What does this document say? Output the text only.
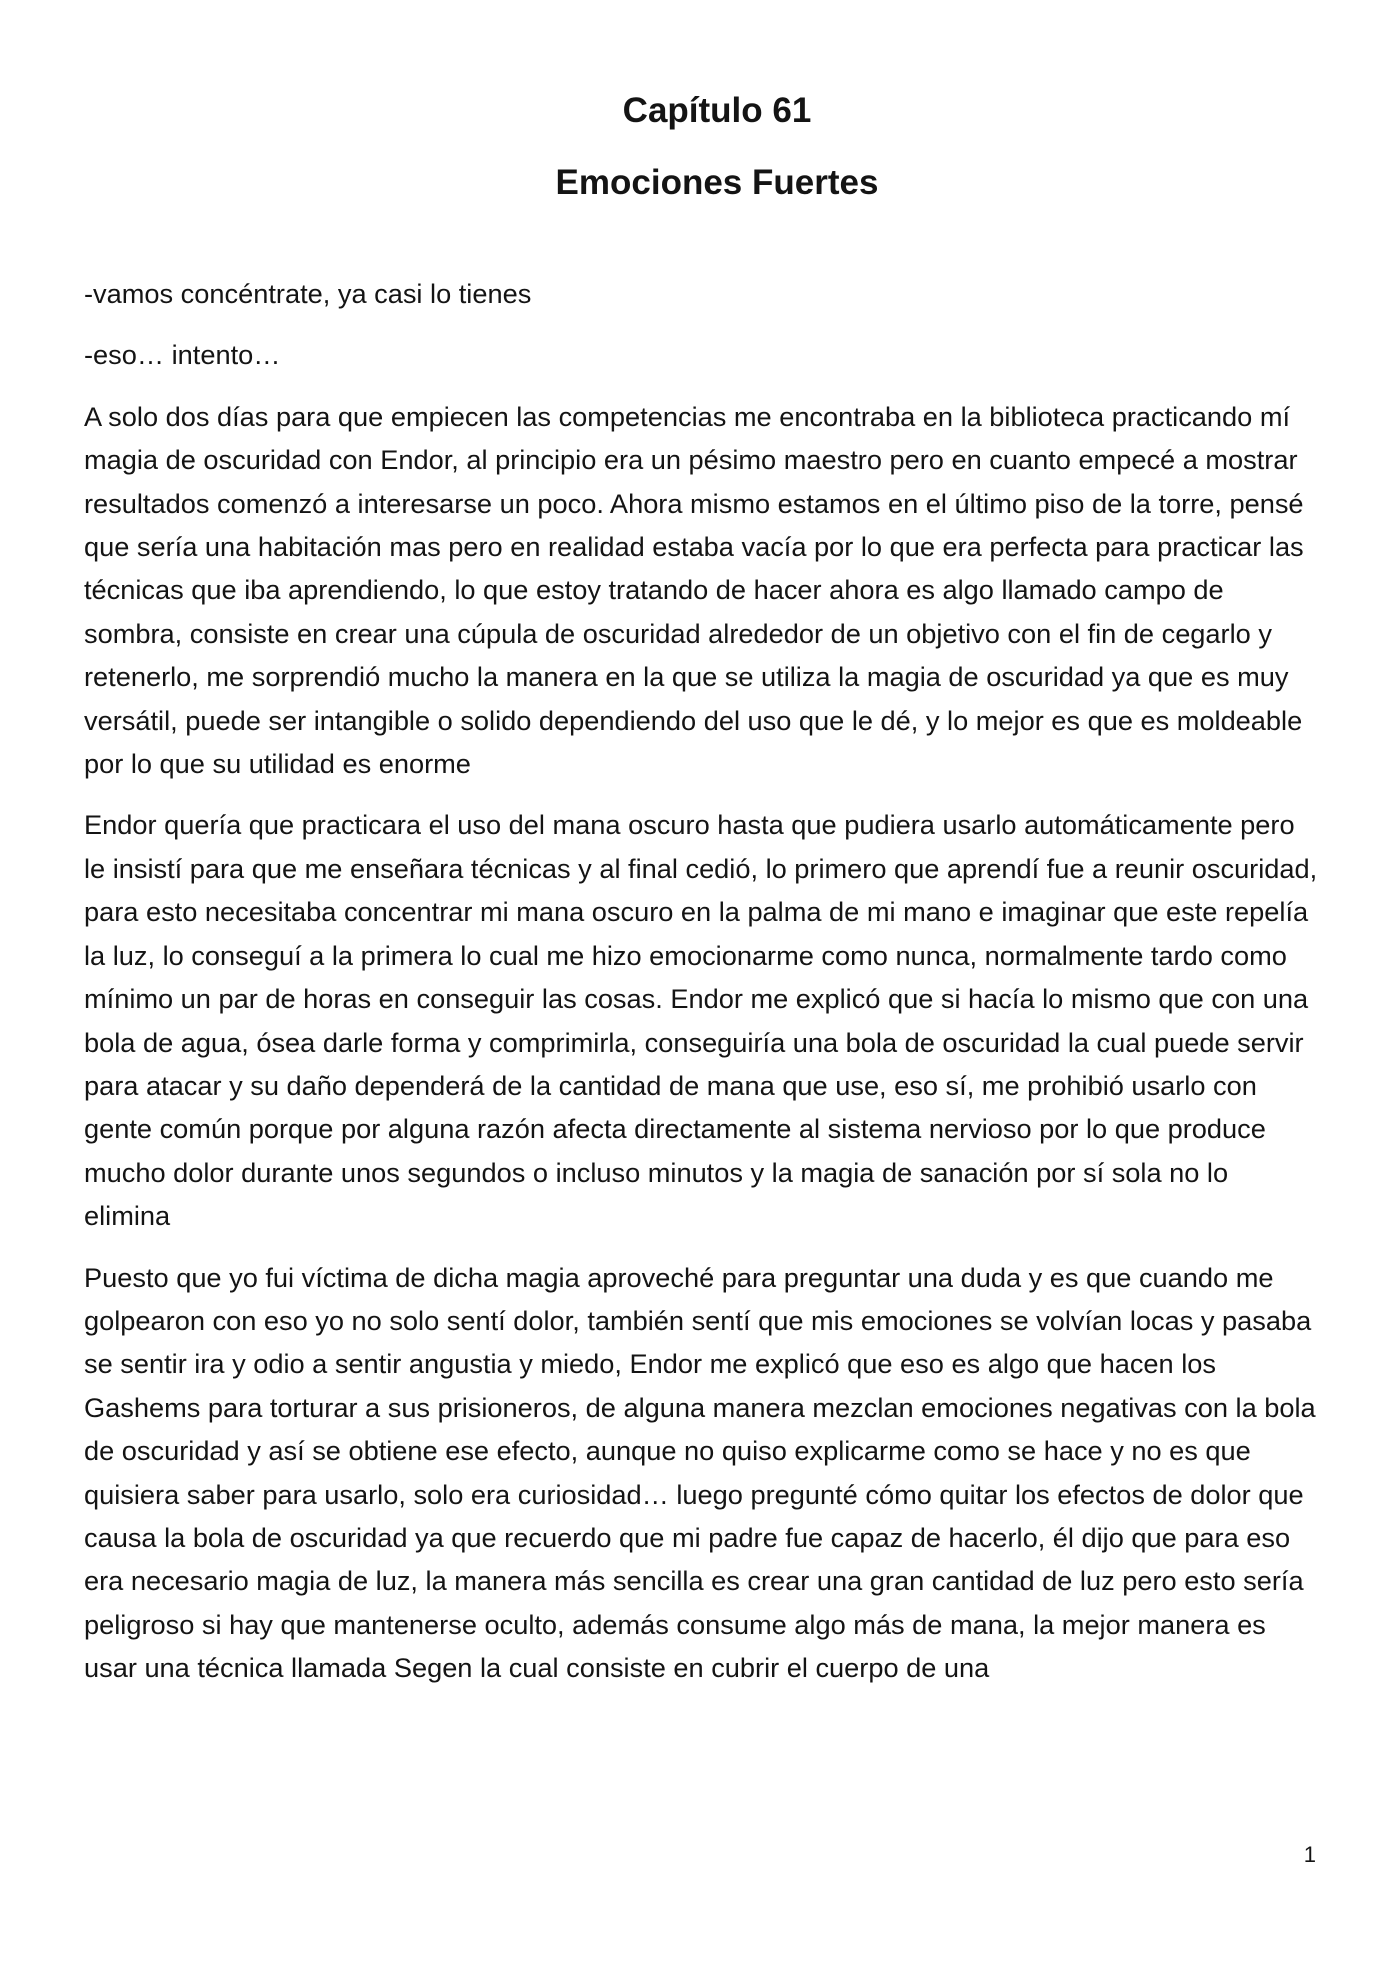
Capítulo 61
Emociones Fuertes

-vamos concéntrate, ya casi lo tienes

-eso… intento…

A solo dos días para que empiecen las competencias me encontraba en la biblioteca practicando mí magia de oscuridad con Endor, al principio era un pésimo maestro pero en cuanto empecé a mostrar resultados comenzó a interesarse un poco. Ahora mismo estamos en el último piso de la torre, pensé que sería una habitación mas pero en realidad estaba vacía por lo que era perfecta para practicar las técnicas que iba aprendiendo, lo que estoy tratando de hacer ahora es algo llamado campo de sombra, consiste en crear una cúpula de oscuridad alrededor de un objetivo con el fin de cegarlo y retenerlo, me sorprendió mucho la manera en la que se utiliza la magia de oscuridad ya que es muy versátil, puede ser intangible o solido dependiendo del uso que le dé, y lo mejor es que es moldeable por lo que su utilidad es enorme

Endor quería que practicara el uso del mana oscuro hasta que pudiera usarlo automáticamente pero le insistí para que me enseñara técnicas y al final cedió, lo primero que aprendí fue a reunir oscuridad, para esto necesitaba concentrar mi mana oscuro en la palma de mi mano e imaginar que este repelía la luz, lo conseguí a la primera lo cual me hizo emocionarme como nunca, normalmente tardo como mínimo un par de horas en conseguir las cosas. Endor me explicó que si hacía lo mismo que con una bola de agua, ósea darle forma y comprimirla, conseguiría una bola de oscuridad la cual puede servir para atacar y su daño dependerá de la cantidad de mana que use, eso sí, me prohibió usarlo con gente común porque por alguna razón afecta directamente al sistema nervioso por lo que produce mucho dolor durante unos segundos o incluso minutos y la magia de sanación por sí sola no lo elimina

Puesto que yo fui víctima de dicha magia aproveché para preguntar una duda y es que cuando me golpearon con eso yo no solo sentí dolor, también sentí que mis emociones se volvían locas y pasaba se sentir ira y odio a sentir angustia y miedo, Endor me explicó que eso es algo que hacen los Gashems para torturar a sus prisioneros, de alguna manera mezclan emociones negativas con la bola de oscuridad y así se obtiene ese efecto, aunque no quiso explicarme como se hace y no es que quisiera saber para usarlo, solo era curiosidad… luego pregunté cómo quitar los efectos de dolor que causa la bola de oscuridad ya que recuerdo que mi padre fue capaz de hacerlo, él dijo que para eso era necesario magia de luz, la manera más sencilla es crear una gran cantidad de luz pero esto sería peligroso si hay que mantenerse oculto, además consume algo más de mana, la mejor manera es usar una técnica llamada Segen la cual consiste en cubrir el cuerpo de una

1
